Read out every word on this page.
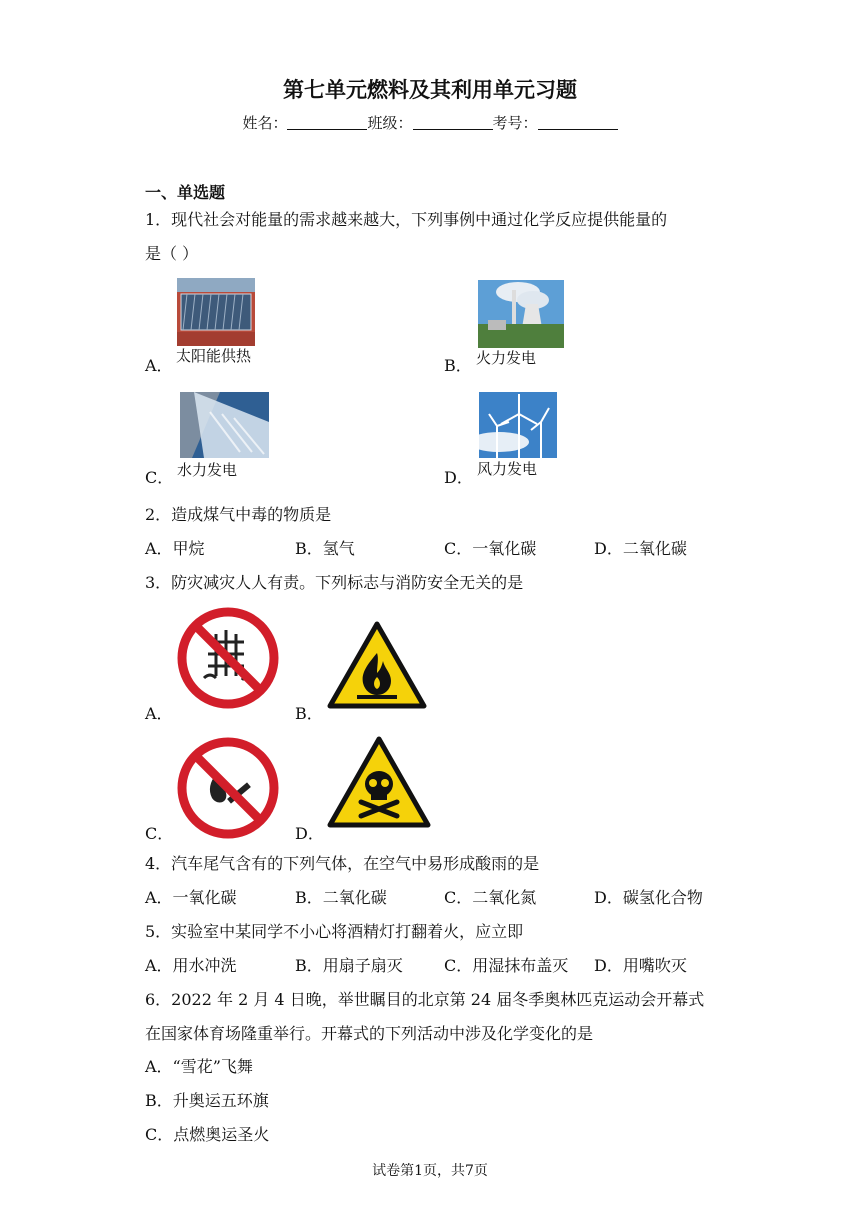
第七单元燃料及其利用单元习题
姓名：	班级：	考号：
一、单选题
1．现代社会对能量的需求越来越大，下列事例中通过化学反应提供能量的
是（ ）
太阳能供热
A．	火力发电
B．
水力发电
C．	风力发电
D．
2．造成煤气中毒的物质是
A．甲烷	B．氢气	C．一氧化碳	D．二氧化碳
3．防灾减灾人人有责。下列标志与消防安全无关的是
A．	B．
C．	D．
4．汽车尾气含有的下列气体，在空气中易形成酸雨的是
A．一氧化碳	B．二氧化碳	C．二氧化氮	D．碳氢化合物
5．实验室中某同学不小心将酒精灯打翻着火，应立即
A．用水冲洗	B．用扇子扇灭	C．用湿抹布盖灭 D．用嘴吹灭
6．2022 年 2 月 4 日晚，举世瞩目的北京第 24 届冬季奥林匹克运动会开幕式
在国家体育场隆重举行。开幕式的下列活动中涉及化学变化的是
A．“雪花”飞舞
B．升奥运五环旗
C．点燃奥运圣火
试卷第1页，共7页
